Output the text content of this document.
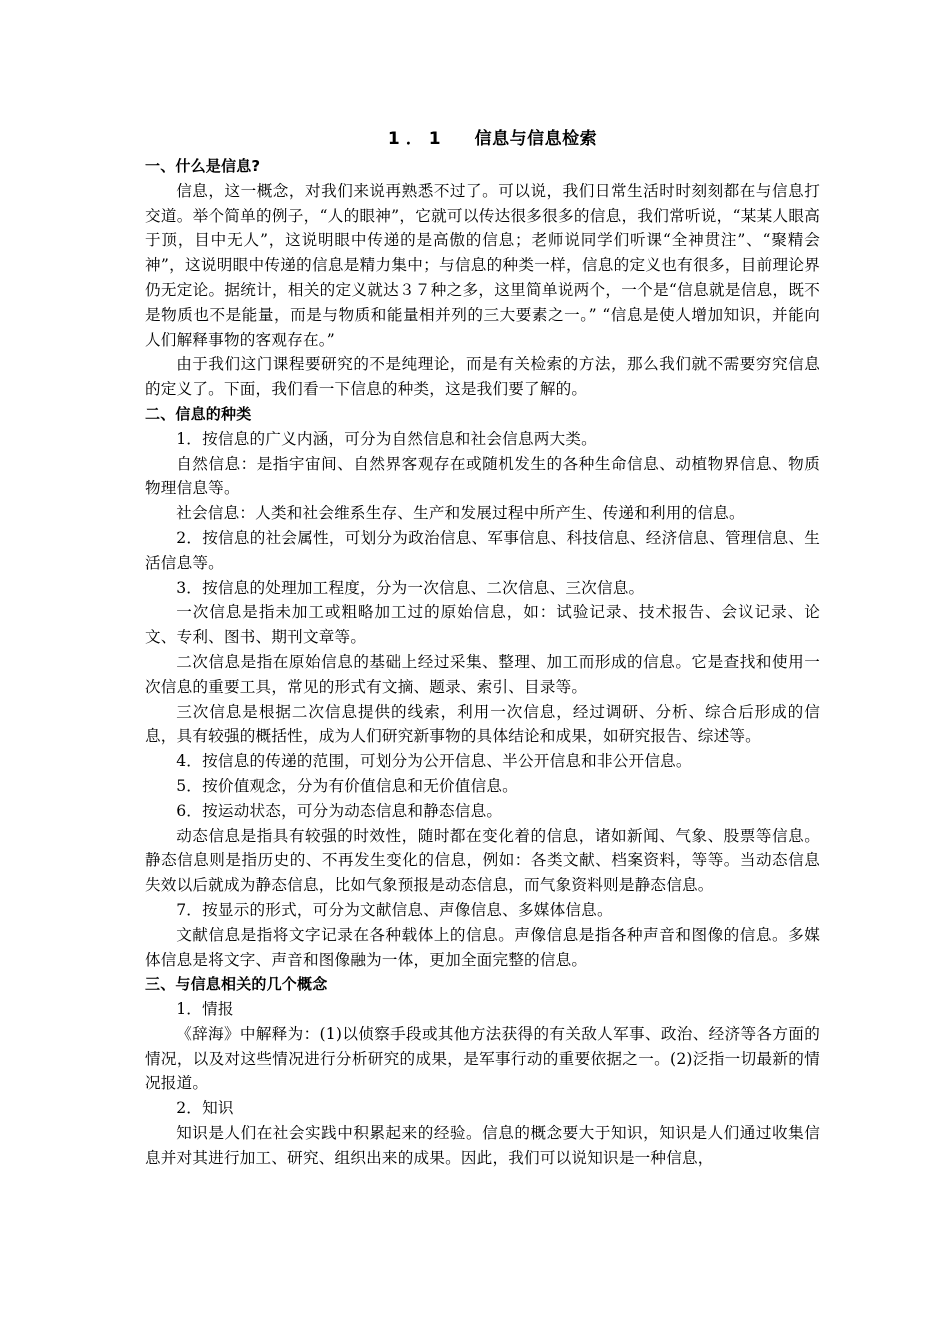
1．1 信息与信息检索
一、什么是信息?

信息，这一概念，对我们来说再熟悉不过了。可以说，我们日常生活时时刻刻都在与信息打交道。举个简单的例子，“人的眼神”，它就可以传达很多很多的信息，我们常听说，“某某人眼高于顶，目中无人”，这说明眼中传递的是高傲的信息；老师说同学们听课“全神贯注”、“聚精会神”，这说明眼中传递的信息是精力集中；与信息的种类一样，信息的定义也有很多，目前理论界仍无定论。据统计，相关的定义就达３７种之多，这里简单说两个，一个是“信息就是信息，既不是物质也不是能量，而是与物质和能量相并列的三大要素之一。” “信息是使人增加知识，并能向人们解释事物的客观存在。”

由于我们这门课程要研究的不是纯理论，而是有关检索的方法，那么我们就不需要穷究信息的定义了。下面，我们看一下信息的种类，这是我们要了解的。

二、信息的种类

1．按信息的广义内涵，可分为自然信息和社会信息两大类。

自然信息：是指宇宙间、自然界客观存在或随机发生的各种生命信息、动植物界信息、物质物理信息等。

社会信息：人类和社会维系生存、生产和发展过程中所产生、传递和利用的信息。

2．按信息的社会属性，可划分为政治信息、军事信息、科技信息、经济信息、管理信息、生活信息等。

3．按信息的处理加工程度，分为一次信息、二次信息、三次信息。

一次信息是指未加工或粗略加工过的原始信息，如：试验记录、技术报告、会议记录、论文、专利、图书、期刊文章等。

二次信息是指在原始信息的基础上经过采集、整理、加工而形成的信息。它是查找和使用一次信息的重要工具，常见的形式有文摘、题录、索引、目录等。

三次信息是根据二次信息提供的线索，利用一次信息，经过调研、分析、综合后形成的信息，具有较强的概括性，成为人们研究新事物的具体结论和成果，如研究报告、综述等。

4．按信息的传递的范围，可划分为公开信息、半公开信息和非公开信息。

5．按价值观念，分为有价值信息和无价值信息。

6．按运动状态，可分为动态信息和静态信息。

动态信息是指具有较强的时效性，随时都在变化着的信息，诸如新闻、气象、股票等信息。静态信息则是指历史的、不再发生变化的信息，例如：各类文献、档案资料，等等。当动态信息失效以后就成为静态信息，比如气象预报是动态信息，而气象资料则是静态信息。

7．按显示的形式，可分为文献信息、声像信息、多媒体信息。

文献信息是指将文字记录在各种载体上的信息。声像信息是指各种声音和图像的信息。多媒体信息是将文字、声音和图像融为一体，更加全面完整的信息。

三、与信息相关的几个概念

1．情报

《辞海》中解释为：(1)以侦察手段或其他方法获得的有关敌人军事、政治、经济等各方面的情况，以及对这些情况进行分析研究的成果，是军事行动的重要依据之一。(2)泛指一切最新的情况报道。

2．知识

知识是人们在社会实践中积累起来的经验。信息的概念要大于知识，知识是人们通过收集信息并对其进行加工、研究、组织出来的成果。因此，我们可以说知识是一种信息，
